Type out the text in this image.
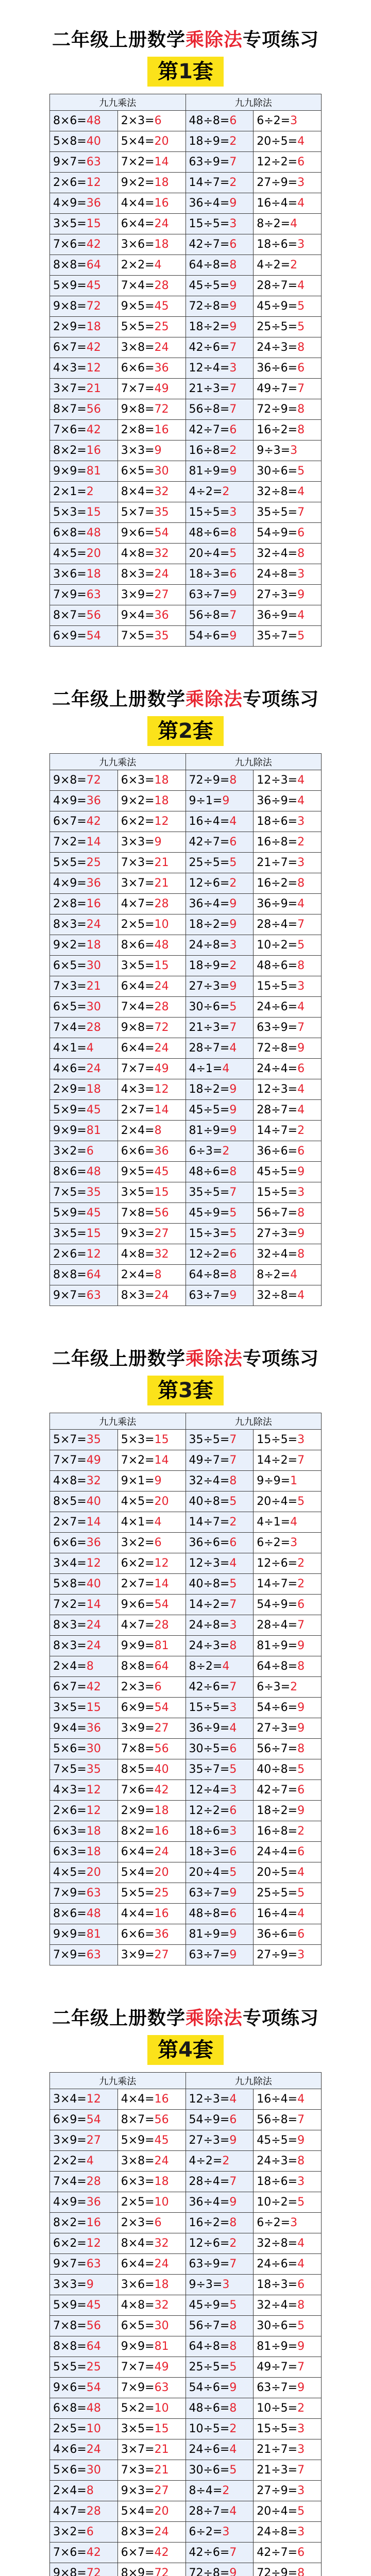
二年级上册数学乘除法专项练习
第1套
九九乘法		九九除法	
8×6=48	2×3=6	48÷8=6	6÷2=3
5×8=40	5×4=20	18÷9=2	20÷5=4
9×7=63	7×2=14	63÷9=7	12÷2=6
2×6=12	9×2=18	14÷7=2	27÷9=3
4×9=36	4×4=16	36÷4=9	16÷4=4
3×5=15	6×4=24	15÷5=3	8÷2=4
7×6=42	3×6=18	42÷7=6	18÷6=3
8×8=64	2×2=4	64÷8=8	4÷2=2
5×9=45	7×4=28	45÷5=9	28÷7=4
9×8=72	9×5=45	72÷8=9	45÷9=5
2×9=18	5×5=25	18÷2=9	25÷5=5
6×7=42	3×8=24	42÷6=7	24÷3=8
4×3=12	6×6=36	12÷4=3	36÷6=6
3×7=21	7×7=49	21÷3=7	49÷7=7
8×7=56	9×8=72	56÷8=7	72÷9=8
7×6=42	2×8=16	42÷7=6	16÷2=8
8×2=16	3×3=9	16÷8=2	9÷3=3
9×9=81	6×5=30	81÷9=9	30÷6=5
2×1=2	8×4=32	4÷2=2	32÷8=4
5×3=15	5×7=35	15÷5=3	35÷5=7
6×8=48	9×6=54	48÷6=8	54÷9=6
4×5=20	4×8=32	20÷4=5	32÷4=8
3×6=18	8×3=24	18÷3=6	24÷8=3
7×9=63	3×9=27	63÷7=9	27÷3=9
8×7=56	9×4=36	56÷8=7	36÷9=4
6×9=54	7×5=35	54÷6=9	35÷7=5
二年级上册数学乘除法专项练习
第2套
九九乘法		九九除法	
9×8=72	6×3=18	72÷9=8	12÷3=4
4×9=36	9×2=18	9÷1=9	36÷9=4
6×7=42	6×2=12	16÷4=4	18÷6=3
7×2=14	3×3=9	42÷7=6	16÷8=2
5×5=25	7×3=21	25÷5=5	21÷7=3
4×9=36	3×7=21	12÷6=2	16÷2=8
2×8=16	4×7=28	36÷4=9	36÷9=4
8×3=24	2×5=10	18÷2=9	28÷4=7
9×2=18	8×6=48	24÷8=3	10÷2=5
6×5=30	3×5=15	18÷9=2	48÷6=8
7×3=21	6×4=24	27÷3=9	15÷5=3
6×5=30	7×4=28	30÷6=5	24÷6=4
7×4=28	9×8=72	21÷3=7	63÷9=7
4×1=4	6×4=24	28÷7=4	72÷8=9
4×6=24	7×7=49	4÷1=4	24÷4=6
2×9=18	4×3=12	18÷2=9	12÷3=4
5×9=45	2×7=14	45÷5=9	28÷7=4
9×9=81	2×4=8	81÷9=9	14÷7=2
3×2=6	6×6=36	6÷3=2	36÷6=6
8×6=48	9×5=45	48÷6=8	45÷5=9
7×5=35	3×5=15	35÷5=7	15÷5=3
5×9=45	7×8=56	45÷9=5	56÷7=8
3×5=15	9×3=27	15÷3=5	27÷3=9
2×6=12	4×8=32	12÷2=6	32÷4=8
8×8=64	2×4=8	64÷8=8	8÷2=4
9×7=63	8×3=24	63÷7=9	32÷8=4
二年级上册数学乘除法专项练习
第3套
九九乘法		九九除法	
5×7=35	5×3=15	35÷5=7	15÷5=3
7×7=49	7×2=14	49÷7=7	14÷2=7
4×8=32	9×1=9	32÷4=8	9÷9=1
8×5=40	4×5=20	40÷8=5	20÷4=5
2×7=14	4×1=4	14÷7=2	4÷1=4
6×6=36	3×2=6	36÷6=6	6÷2=3
3×4=12	6×2=12	12÷3=4	12÷6=2
5×8=40	2×7=14	40÷8=5	14÷7=2
7×2=14	9×6=54	14÷2=7	54÷9=6
8×3=24	4×7=28	24÷8=3	28÷4=7
8×3=24	9×9=81	24÷3=8	81÷9=9
2×4=8	8×8=64	8÷2=4	64÷8=8
6×7=42	2×3=6	42÷6=7	6÷3=2
3×5=15	6×9=54	15÷5=3	54÷6=9
9×4=36	3×9=27	36÷9=4	27÷3=9
5×6=30	7×8=56	30÷5=6	56÷7=8
7×5=35	8×5=40	35÷7=5	40÷8=5
4×3=12	7×6=42	12÷4=3	42÷7=6
2×6=12	2×9=18	12÷2=6	18÷2=9
6×3=18	8×2=16	18÷6=3	16÷8=2
6×3=18	6×4=24	18÷3=6	24÷4=6
4×5=20	5×4=20	20÷4=5	20÷5=4
7×9=63	5×5=25	63÷7=9	25÷5=5
8×6=48	4×4=16	48÷8=6	16÷4=4
9×9=81	6×6=36	81÷9=9	36÷6=6
7×9=63	3×9=27	63÷7=9	27÷9=3
二年级上册数学乘除法专项练习
第4套
九九乘法		九九除法	
3×4=12	4×4=16	12÷3=4	16÷4=4
6×9=54	8×7=56	54÷9=6	56÷8=7
3×9=27	5×9=45	27÷3=9	45÷5=9
2×2=4	3×8=24	4÷2=2	24÷3=8
7×4=28	6×3=18	28÷4=7	18÷6=3
4×9=36	2×5=10	36÷4=9	10÷2=5
8×2=16	2×3=6	16÷2=8	6÷2=3
6×2=12	8×4=32	12÷6=2	32÷8=4
9×7=63	6×4=24	63÷9=7	24÷6=4
3×3=9	3×6=18	9÷3=3	18÷3=6
5×9=45	4×8=32	45÷9=5	32÷4=8
7×8=56	6×5=30	56÷7=8	30÷6=5
8×8=64	9×9=81	64÷8=8	81÷9=9
5×5=25	7×7=49	25÷5=5	49÷7=7
9×6=54	7×9=63	54÷6=9	63÷7=9
6×8=48	5×2=10	48÷6=8	10÷5=2
2×5=10	3×5=15	10÷5=2	15÷5=3
4×6=24	3×7=21	24÷6=4	21÷7=3
5×6=30	7×3=21	30÷6=5	21÷3=7
2×4=8	9×3=27	8÷4=2	27÷9=3
4×7=28	5×4=20	28÷7=4	20÷4=5
3×2=6	8×3=24	6÷2=3	24÷8=3
7×6=42	6×7=42	42÷6=7	42÷7=6
9×8=72	8×9=72	72÷8=9	72÷9=8
